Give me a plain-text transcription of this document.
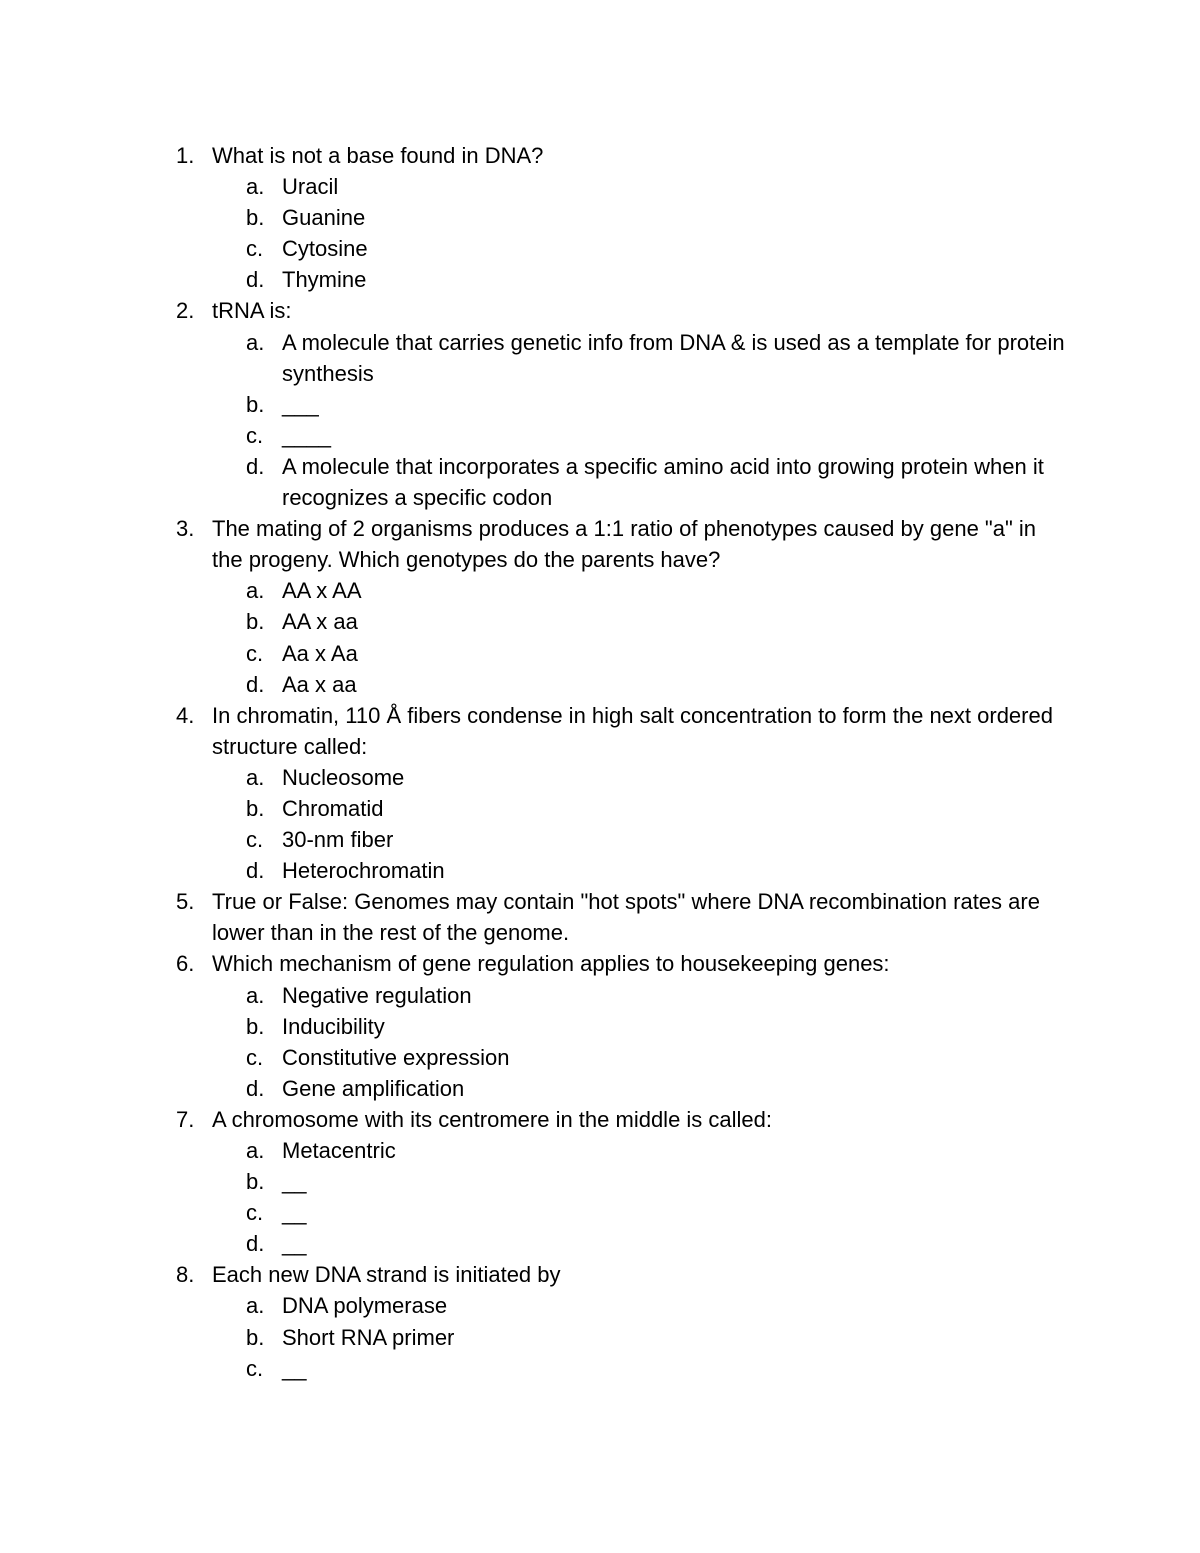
1. What is not a base found in DNA?
a. Uracil
b. Guanine
c. Cytosine
d. Thymine
2. tRNA is:
a. A molecule that carries genetic info from DNA & is used as a template for protein synthesis
b. ___
c. ____
d. A molecule that incorporates a specific amino acid into growing protein when it recognizes a specific codon
3. The mating of 2 organisms produces a 1:1 ratio of phenotypes caused by gene "a" in the progeny. Which genotypes do the parents have?
a. AA x AA
b. AA x aa
c. Aa x Aa
d. Aa x aa
4. In chromatin, 110 Å fibers condense in high salt concentration to form the next ordered structure called:
a. Nucleosome
b. Chromatid
c. 30-nm fiber
d. Heterochromatin
5. True or False: Genomes may contain "hot spots" where DNA recombination rates are lower than in the rest of the genome.
6. Which mechanism of gene regulation applies to housekeeping genes:
a. Negative regulation
b. Inducibility
c. Constitutive expression
d. Gene amplification
7. A chromosome with its centromere in the middle is called:
a. Metacentric
b. __
c. __
d. __
8. Each new DNA strand is initiated by
a. DNA polymerase
b. Short RNA primer
c. __
